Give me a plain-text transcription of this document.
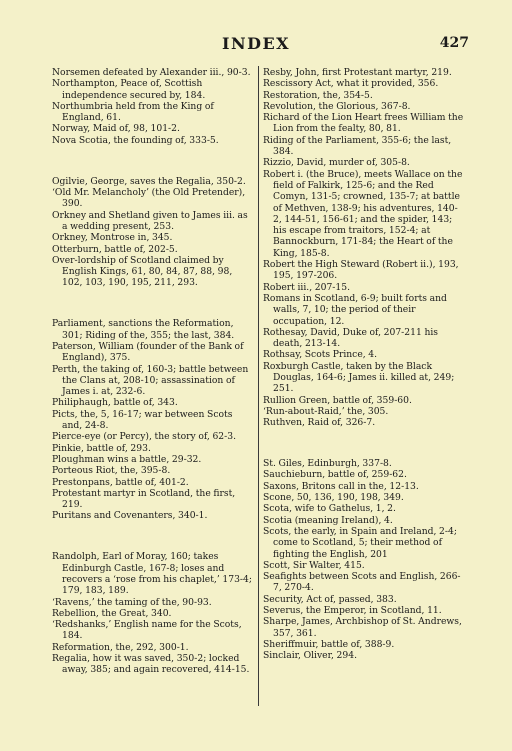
INDEX	427

Norsemen defeated by Alexander iii., 90-3.

Northampton, Peace of, Scottish independence secured by, 184.

Northumbria held from the King of England, 61.

Norway, Maid of, 98, 101-2.

Nova Scotia, the founding of, 333-5.

Ogilvie, George, saves the Regalia, 350-2.

‘Old Mr. Melancholy’ (the Old Pretender), 390.

Orkney and Shetland given to James iii. as a wedding present, 253.

Orkney, Montrose in, 345.

Otterburn, battle of, 202-5.

Over-lordship of Scotland claimed by English Kings, 61, 80, 84, 87, 88, 98, 102, 103, 190, 195, 211, 293.

Parliament, sanctions the Reformation, 301; Riding of the, 355; the last, 384.

Paterson, William (founder of the Bank of England), 375.

Perth, the taking of, 160-3; battle between the Clans at, 208-10; assassination of James i. at, 232-6.

Philiphaugh, battle of, 343.

Picts, the, 5, 16-17; war between Scots and, 24-8.

Pierce-eye (or Percy), the story of, 62-3.

Pinkie, battle of, 293.

Ploughman wins a battle, 29-32.

Porteous Riot, the, 395-8.

Prestonpans, battle of, 401-2.

Protestant martyr in Scotland, the first, 219.

Puritans and Covenanters, 340-1.

Randolph, Earl of Moray, 160; takes Edinburgh Castle, 167-8; loses and recovers a ‘rose from his chaplet,’ 173-4; 179, 183, 189.

‘Ravens,’ the taming of the, 90-93.

Rebellion, the Great, 340.

‘Redshanks,’ English name for the Scots, 184.

Reformation, the, 292, 300-1.

Regalia, how it was saved, 350-2; locked away, 385; and again recovered, 414-15.

Resby, John, first Protestant martyr, 219.

Rescissory Act, what it provided, 356.

Restoration, the, 354-5.

Revolution, the Glorious, 367-8.

Richard of the Lion Heart frees William the Lion from the fealty, 80, 81.

Riding of the Parliament, 355-6; the last, 384.

Rizzio, David, murder of, 305-8.

Robert i. (the Bruce), meets Wallace on the field of Falkirk, 125-6; and the Red Comyn, 131-5; crowned, 135-7; at battle of Methven, 138-9; his adventures, 140-2, 144-51, 156-61; and the spider, 143; his escape from traitors, 152-4; at Bannockburn, 171-84; the Heart of the King, 185-8.

Robert the High Steward (Robert ii.), 193, 195, 197-206.

Robert iii., 207-15.

Romans in Scotland, 6-9; built forts and walls, 7, 10; the period of their occupation, 12.

Rothesay, David, Duke of, 207-211 his death, 213-14.

Rothsay, Scots Prince, 4.

Roxburgh Castle, taken by the Black Douglas, 164-6; James ii. killed at, 249; 251.

Rullion Green, battle of, 359-60.

‘Run-about-Raid,’ the, 305.

Ruthven, Raid of, 326-7.

St. Giles, Edinburgh, 337-8.

Sauchieburn, battle of, 259-62.

Saxons, Britons call in the, 12-13.

Scone, 50, 136, 190, 198, 349.

Scota, wife to Gathelus, 1, 2.

Scotia (meaning Ireland), 4.

Scots, the early, in Spain and Ireland, 2-4; come to Scotland, 5; their method of fighting the English, 201

Scott, Sir Walter, 415.

Seafights between Scots and English, 266-7, 270-4.

Security, Act of, passed, 383.

Severus, the Emperor, in Scotland, 11.

Sharpe, James, Archbishop of St. Andrews, 357, 361.

Sheriffmuir, battle of, 388-9.

Sinclair, Oliver, 294.
